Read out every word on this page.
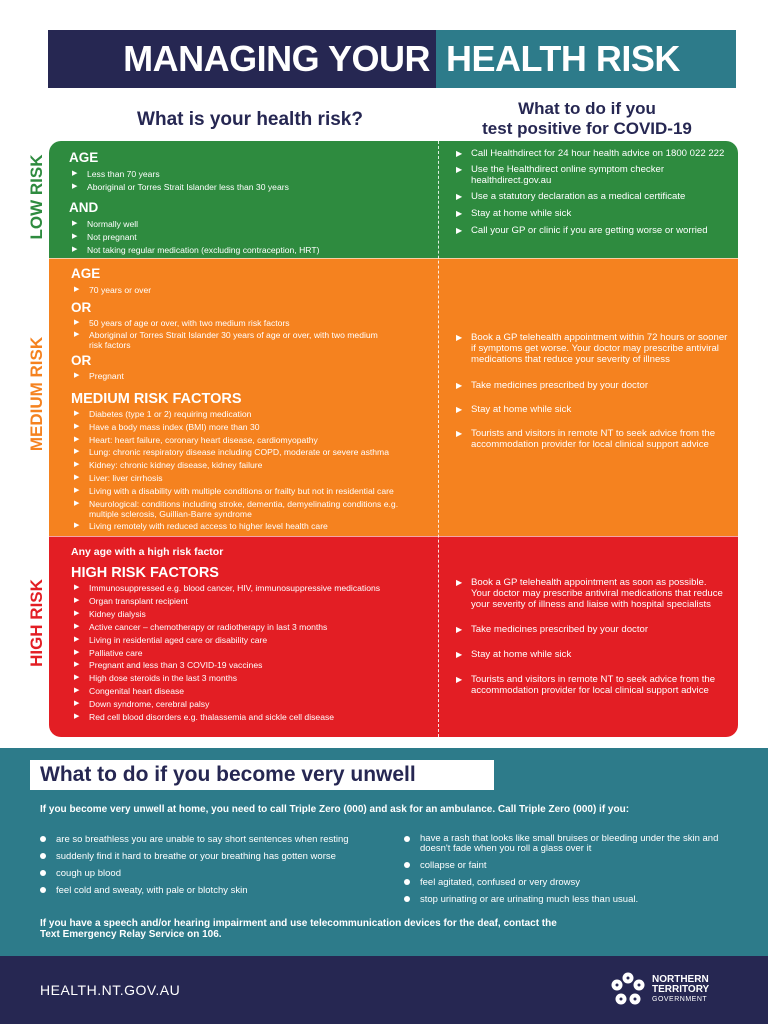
MANAGING YOUR HEALTH RISK
What is your health risk?
What to do if you
test positive for COVID-19
LOW RISK
MEDIUM RISK
HIGH RISK
AGE
▶ Less than 70 years
▶ Aboriginal or Torres Strait Islander less than 30 years
AND
▶ Normally well
▶ Not pregnant
▶ Not taking regular medication (excluding contraception, HRT)
▶ Call Healthdirect for 24 hour health advice on 1800 022 222
▶ Use the Healthdirect online symptom checker healthdirect.gov.au
▶ Use a statutory declaration as a medical certificate
▶ Stay at home while sick
▶ Call your GP or clinic if you are getting worse or worried
AGE
▶ 70 years or over
OR
▶ 50 years of age or over, with two medium risk factors
▶ Aboriginal or Torres Strait Islander 30 years of age or over, with two medium risk factors
OR
▶ Pregnant
MEDIUM RISK FACTORS
▶ Diabetes (type 1 or 2) requiring medication
▶ Have a body mass index (BMI) more than 30
▶ Heart: heart failure, coronary heart disease, cardiomyopathy
▶ Lung: chronic respiratory disease including COPD, moderate or severe asthma
▶ Kidney: chronic kidney disease, kidney failure
▶ Liver: liver cirrhosis
▶ Living with a disability with multiple conditions or frailty but not in residential care
▶ Neurological: conditions including stroke, dementia, demyelinating conditions e.g. multiple sclerosis, Guillian-Barre syndrome
▶ Living remotely with reduced access to higher level health care
▶ Book a GP telehealth appointment within 72 hours or sooner if symptoms get worse. Your doctor may prescribe antiviral medications that reduce your severity of illness
▶ Take medicines prescribed by your doctor
▶ Stay at home while sick
▶ Tourists and visitors in remote NT to seek advice from the accommodation provider for local clinical support advice
Any age with a high risk factor
HIGH RISK FACTORS
▶ Immunosuppressed e.g. blood cancer, HIV, immunosuppressive medications
▶ Organ transplant recipient
▶ Kidney dialysis
▶ Active cancer – chemotherapy or radiotherapy in last 3 months
▶ Living in residential aged care or disability care
▶ Palliative care
▶ Pregnant and less than 3 COVID-19 vaccines
▶ High dose steroids in the last 3 months
▶ Congenital heart disease
▶ Down syndrome, cerebral palsy
▶ Red cell blood disorders e.g. thalassemia and sickle cell disease
▶ Book a GP telehealth appointment as soon as possible. Your doctor may prescribe antiviral medications that reduce your severity of illness and liaise with hospital specialists
▶ Take medicines prescribed by your doctor
▶ Stay at home while sick
▶ Tourists and visitors in remote NT to seek advice from the accommodation provider for local clinical support advice
What to do if you become very unwell
If you become very unwell at home, you need to call Triple Zero (000) and ask for an ambulance. Call Triple Zero (000) if you:
are so breathless you are unable to say short sentences when resting
suddenly find it hard to breathe or your breathing has gotten worse
cough up blood
feel cold and sweaty, with pale or blotchy skin
have a rash that looks like small bruises or bleeding under the skin and doesn't fade when you roll a glass over it
collapse or faint
feel agitated, confused or very drowsy
stop urinating or are urinating much less than usual.
If you have a speech and/or hearing impairment and use telecommunication devices for the deaf, contact the Text Emergency Relay Service on 106.
HEALTH.NT.GOV.AU
NORTHERN
TERRITORY
GOVERNMENT
